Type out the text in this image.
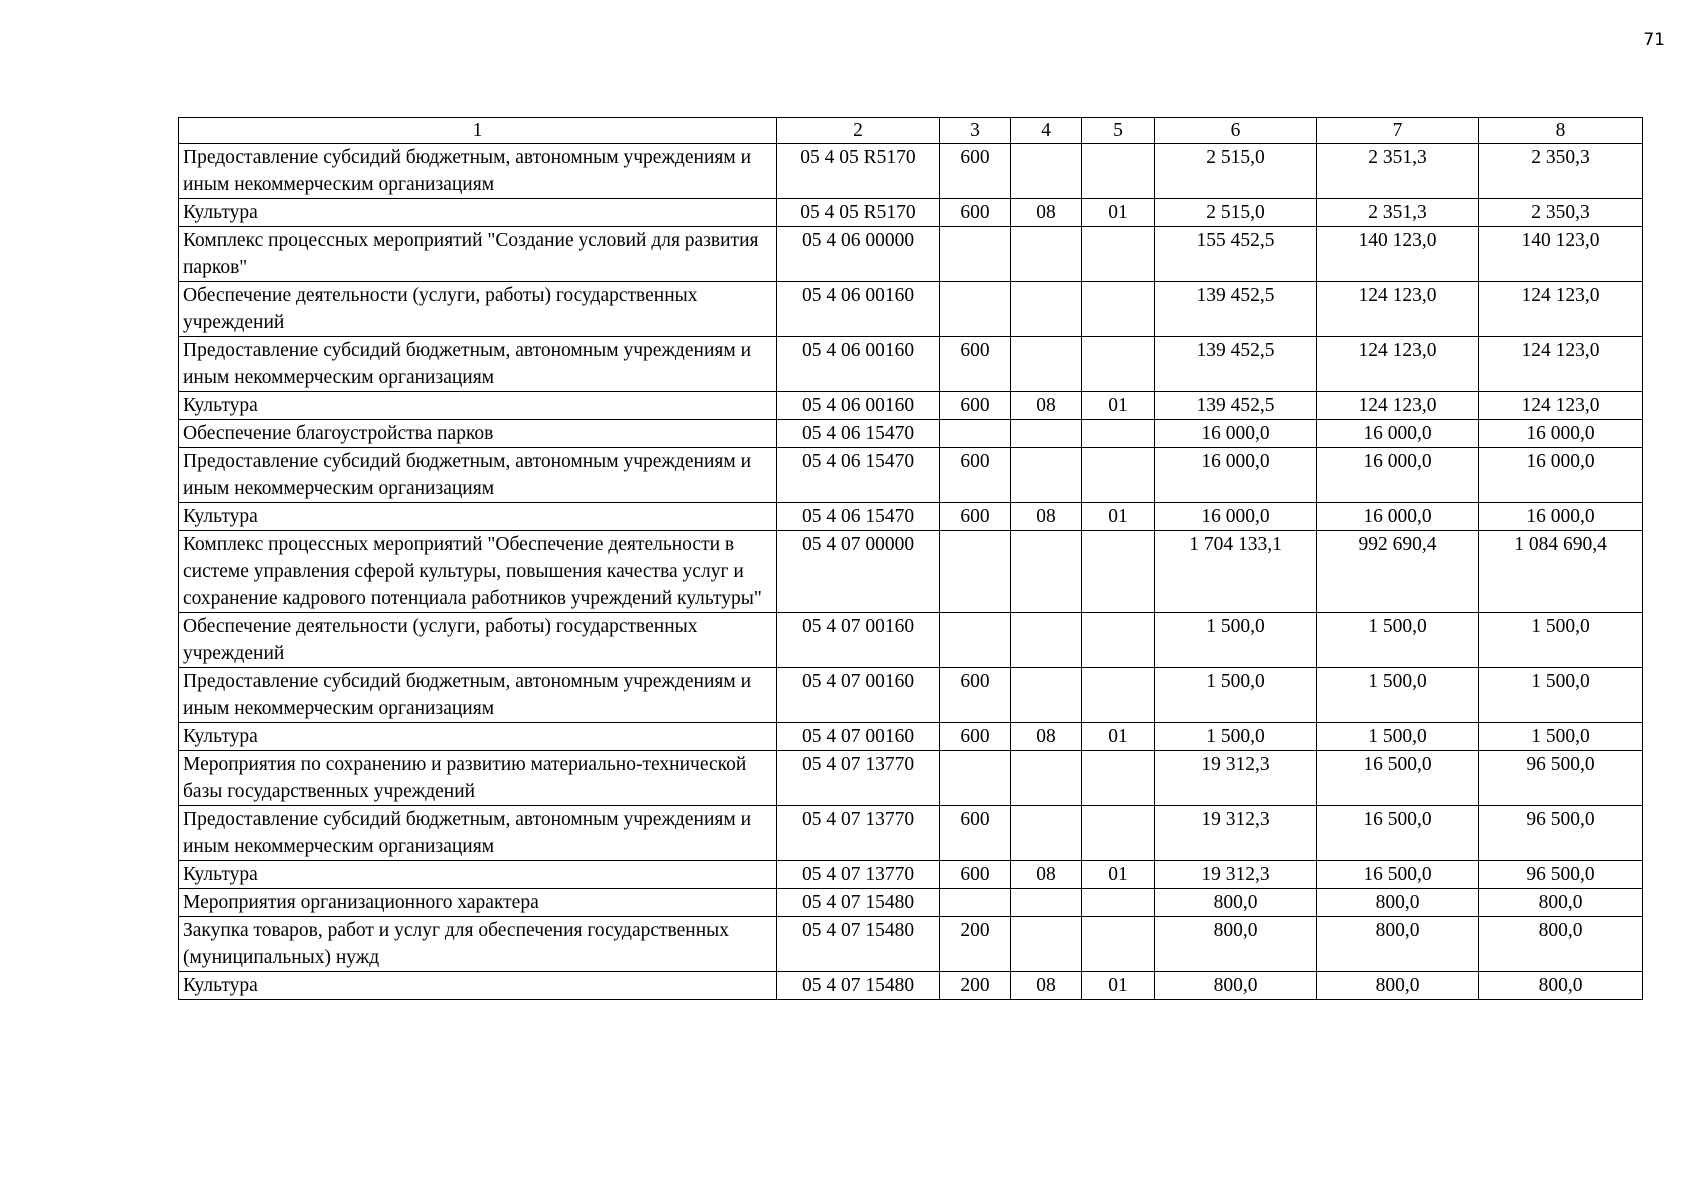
71
1	2	3	4	5	6	7	8
Предоставление субсидий бюджетным, автономным учреждениям и иным некоммерческим организациям	05 4 05 R5170	600			2 515,0	2 351,3	2 350,3
Культура	05 4 05 R5170	600	08	01	2 515,0	2 351,3	2 350,3
Комплекс процессных мероприятий "Создание условий для развития парков"	05 4 06 00000				155 452,5	140 123,0	140 123,0
Обеспечение деятельности (услуги, работы) государственных учреждений	05 4 06 00160				139 452,5	124 123,0	124 123,0
Предоставление субсидий бюджетным, автономным учреждениям и иным некоммерческим организациям	05 4 06 00160	600			139 452,5	124 123,0	124 123,0
Культура	05 4 06 00160	600	08	01	139 452,5	124 123,0	124 123,0
Обеспечение благоустройства парков	05 4 06 15470				16 000,0	16 000,0	16 000,0
Предоставление субсидий бюджетным, автономным учреждениям и иным некоммерческим организациям	05 4 06 15470	600			16 000,0	16 000,0	16 000,0
Культура	05 4 06 15470	600	08	01	16 000,0	16 000,0	16 000,0
Комплекс процессных мероприятий "Обеспечение деятельности в системе управления сферой культуры, повышения качества услуг и сохранение кадрового потенциала работников учреждений культуры"	05 4 07 00000				1 704 133,1	992 690,4	1 084 690,4
Обеспечение деятельности (услуги, работы) государственных учреждений	05 4 07 00160				1 500,0	1 500,0	1 500,0
Предоставление субсидий бюджетным, автономным учреждениям и иным некоммерческим организациям	05 4 07 00160	600			1 500,0	1 500,0	1 500,0
Культура	05 4 07 00160	600	08	01	1 500,0	1 500,0	1 500,0
Мероприятия по сохранению и развитию материально-технической базы государственных учреждений	05 4 07 13770				19 312,3	16 500,0	96 500,0
Предоставление субсидий бюджетным, автономным учреждениям и иным некоммерческим организациям	05 4 07 13770	600			19 312,3	16 500,0	96 500,0
Культура	05 4 07 13770	600	08	01	19 312,3	16 500,0	96 500,0
Мероприятия организационного характера	05 4 07 15480				800,0	800,0	800,0
Закупка товаров, работ и услуг для обеспечения государственных (муниципальных) нужд	05 4 07 15480	200			800,0	800,0	800,0
Культура	05 4 07 15480	200	08	01	800,0	800,0	800,0
